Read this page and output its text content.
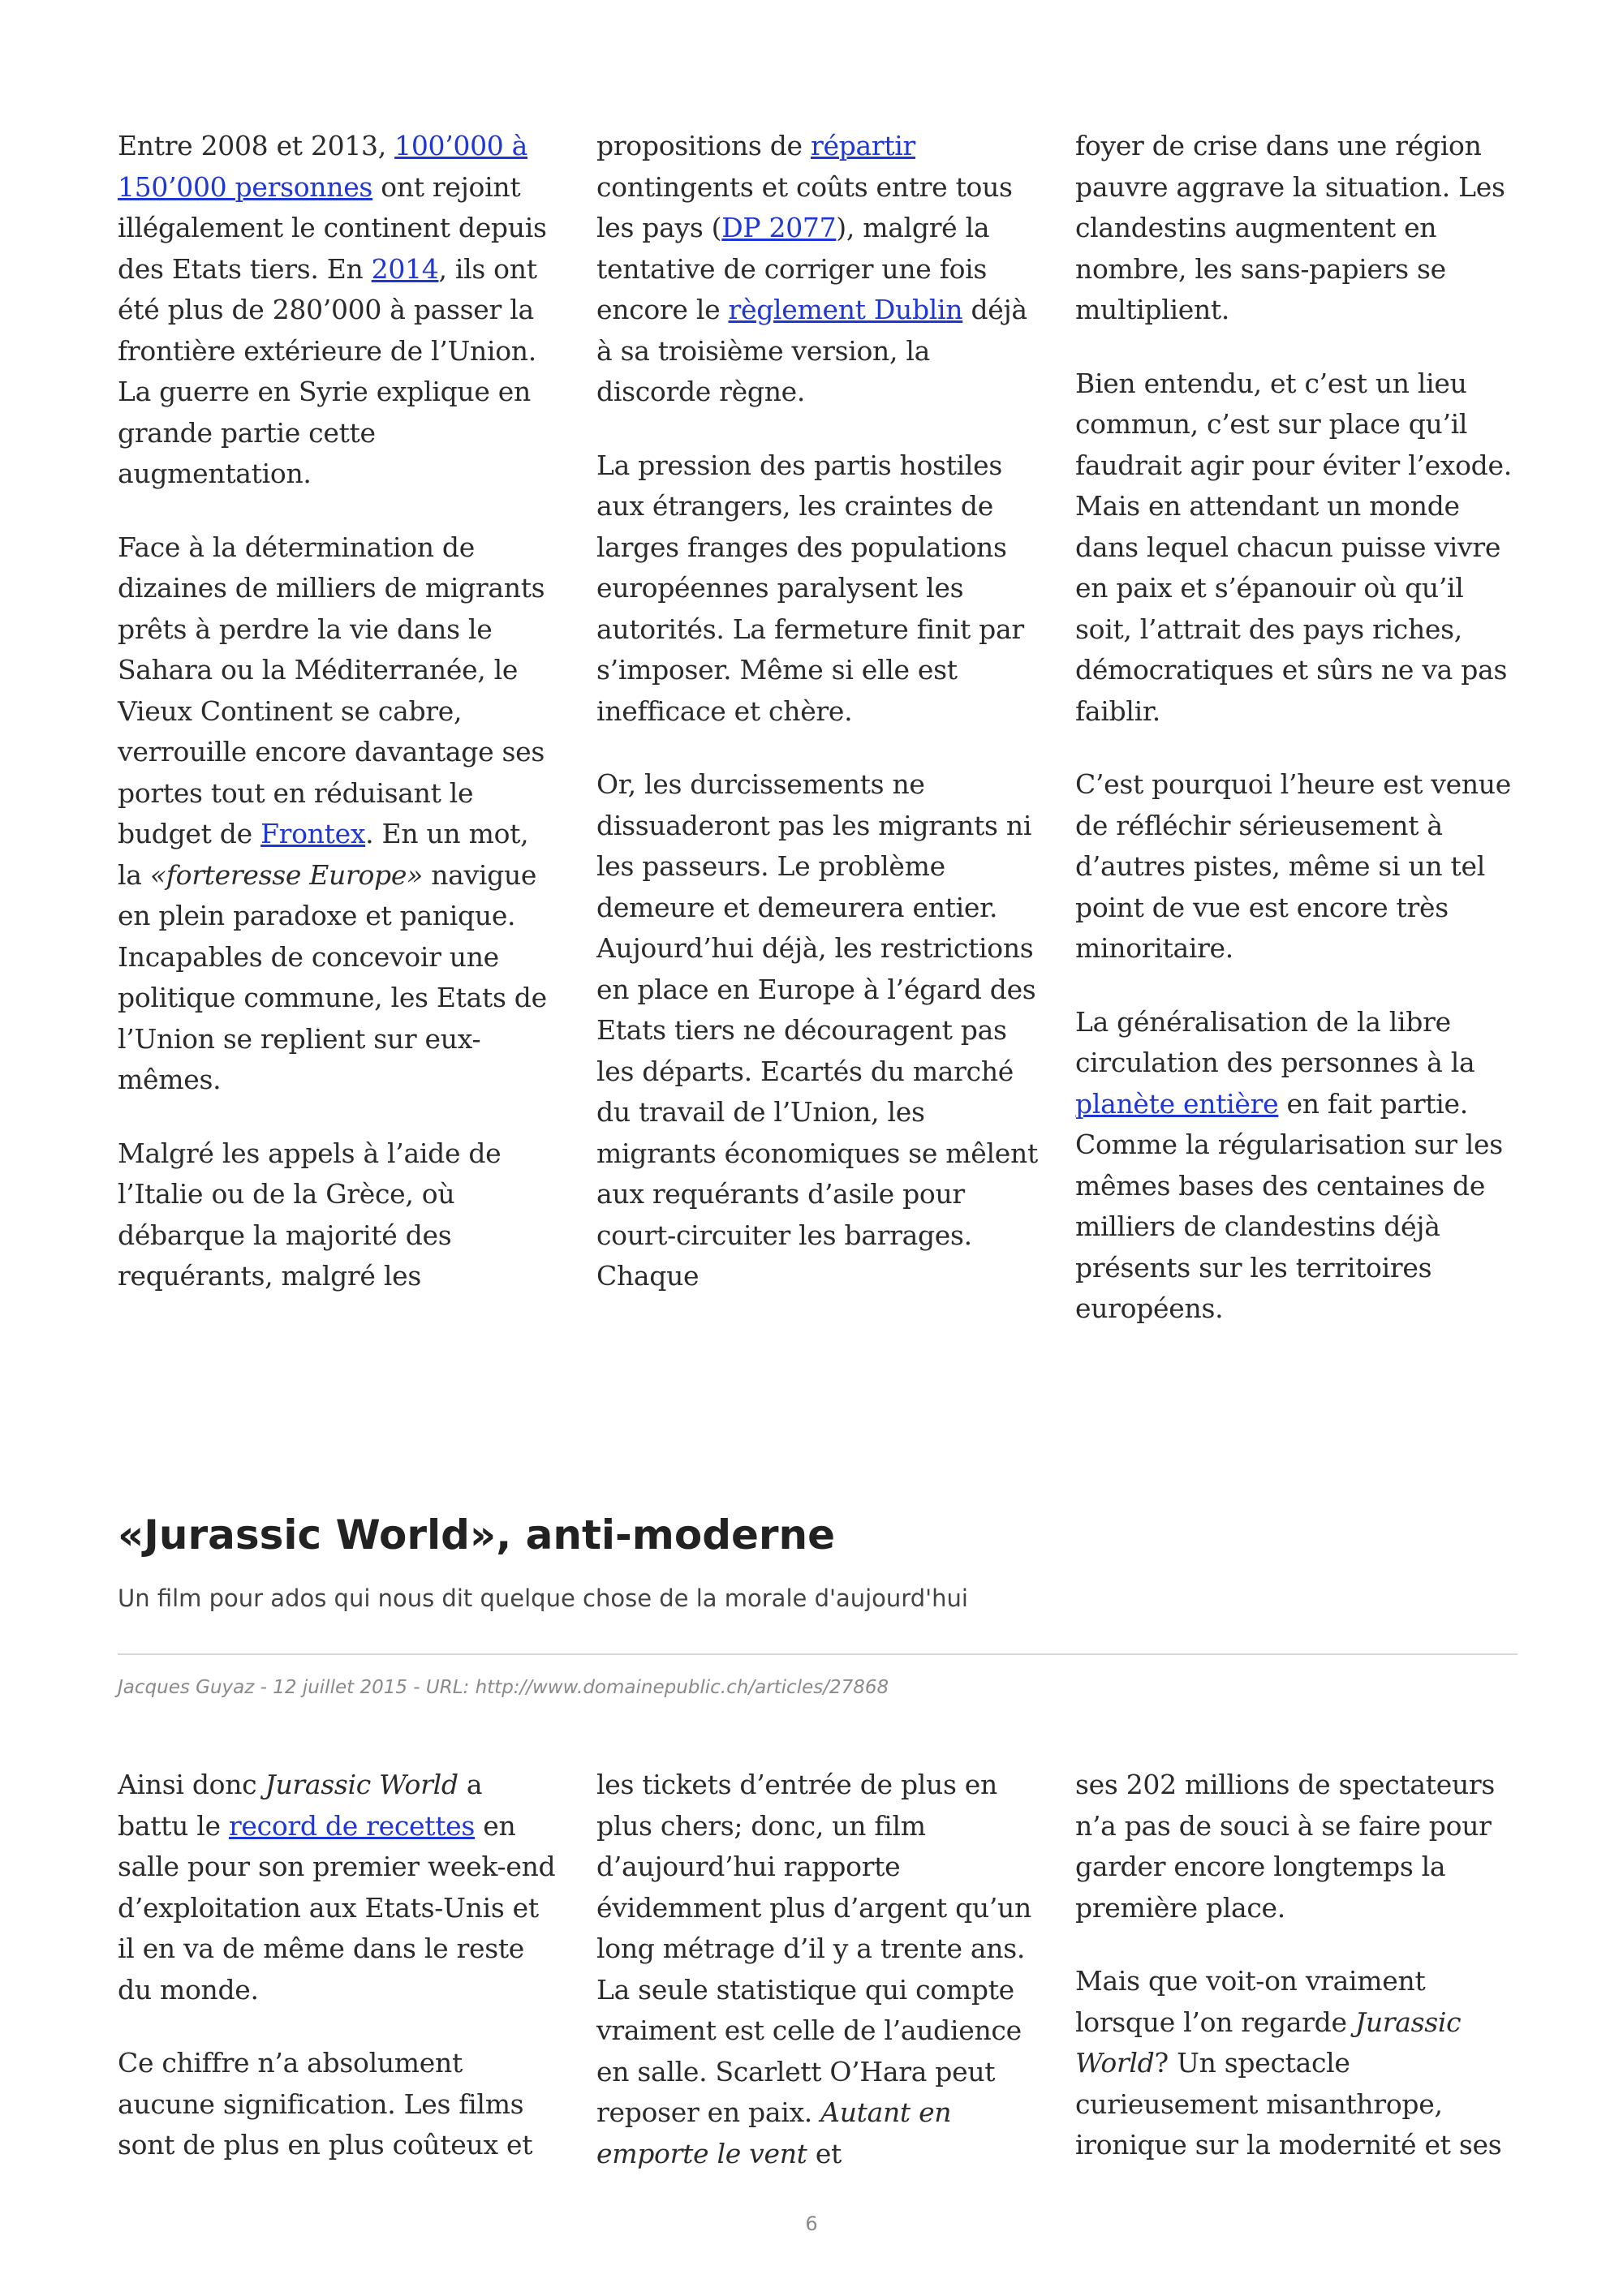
Entre 2008 et 2013, 100’000 à 150’000 personnes ont rejoint illégalement le continent depuis des Etats tiers. En 2014, ils ont été plus de 280’000 à passer la frontière extérieure de l’Union. La guerre en Syrie explique en grande partie cette augmentation.

Face à la détermination de dizaines de milliers de migrants prêts à perdre la vie dans le Sahara ou la Méditerranée, le Vieux Continent se cabre, verrouille encore davantage ses portes tout en réduisant le budget de Frontex. En un mot, la «forteresse Europe» navigue en plein paradoxe et panique. Incapables de concevoir une politique commune, les Etats de l’Union se replient sur eux-mêmes.

Malgré les appels à l’aide de l’Italie ou de la Grèce, où débarque la majorité des requérants, malgré les

propositions de répartir contingents et coûts entre tous les pays (DP 2077), malgré la tentative de corriger une fois encore le règlement Dublin déjà à sa troisième version, la discorde règne.

La pression des partis hostiles aux étrangers, les craintes de larges franges des populations européennes paralysent les autorités. La fermeture finit par s’imposer. Même si elle est inefficace et chère.

Or, les durcissements ne dissuaderont pas les migrants ni les passeurs. Le problème demeure et demeurera entier. Aujourd’hui déjà, les restrictions en place en Europe à l’égard des Etats tiers ne découragent pas les départs. Ecartés du marché du travail de l’Union, les migrants économiques se mêlent aux requérants d’asile pour court-circuiter les barrages. Chaque

foyer de crise dans une région pauvre aggrave la situation. Les clandestins augmentent en nombre, les sans-papiers se multiplient.

Bien entendu, et c’est un lieu commun, c’est sur place qu’il faudrait agir pour éviter l’exode. Mais en attendant un monde dans lequel chacun puisse vivre en paix et s’épanouir où qu’il soit, l’attrait des pays riches, démocratiques et sûrs ne va pas faiblir.

C’est pourquoi l’heure est venue de réfléchir sérieusement à d’autres pistes, même si un tel point de vue est encore très minoritaire.

La généralisation de la libre circulation des personnes à la planète entière en fait partie. Comme la régularisation sur les mêmes bases des centaines de milliers de clandestins déjà présents sur les territoires européens.

«Jurassic World», anti-moderne

Un film pour ados qui nous dit quelque chose de la morale d'aujourd'hui

Jacques Guyaz - 12 juillet 2015 - URL: http://www.domainepublic.ch/articles/27868

Ainsi donc Jurassic World a battu le record de recettes en salle pour son premier week-end d’exploitation aux Etats-Unis et il en va de même dans le reste du monde.

Ce chiffre n’a absolument aucune signification. Les films sont de plus en plus coûteux et

les tickets d’entrée de plus en plus chers; donc, un film d’aujourd’hui rapporte évidemment plus d’argent qu’un long métrage d’il y a trente ans. La seule statistique qui compte vraiment est celle de l’audience en salle. Scarlett O’Hara peut reposer en paix. Autant en emporte le vent et

ses 202 millions de spectateurs n’a pas de souci à se faire pour garder encore longtemps la première place.

Mais que voit-on vraiment lorsque l’on regarde Jurassic World? Un spectacle curieusement misanthrope, ironique sur la modernité et ses

6
